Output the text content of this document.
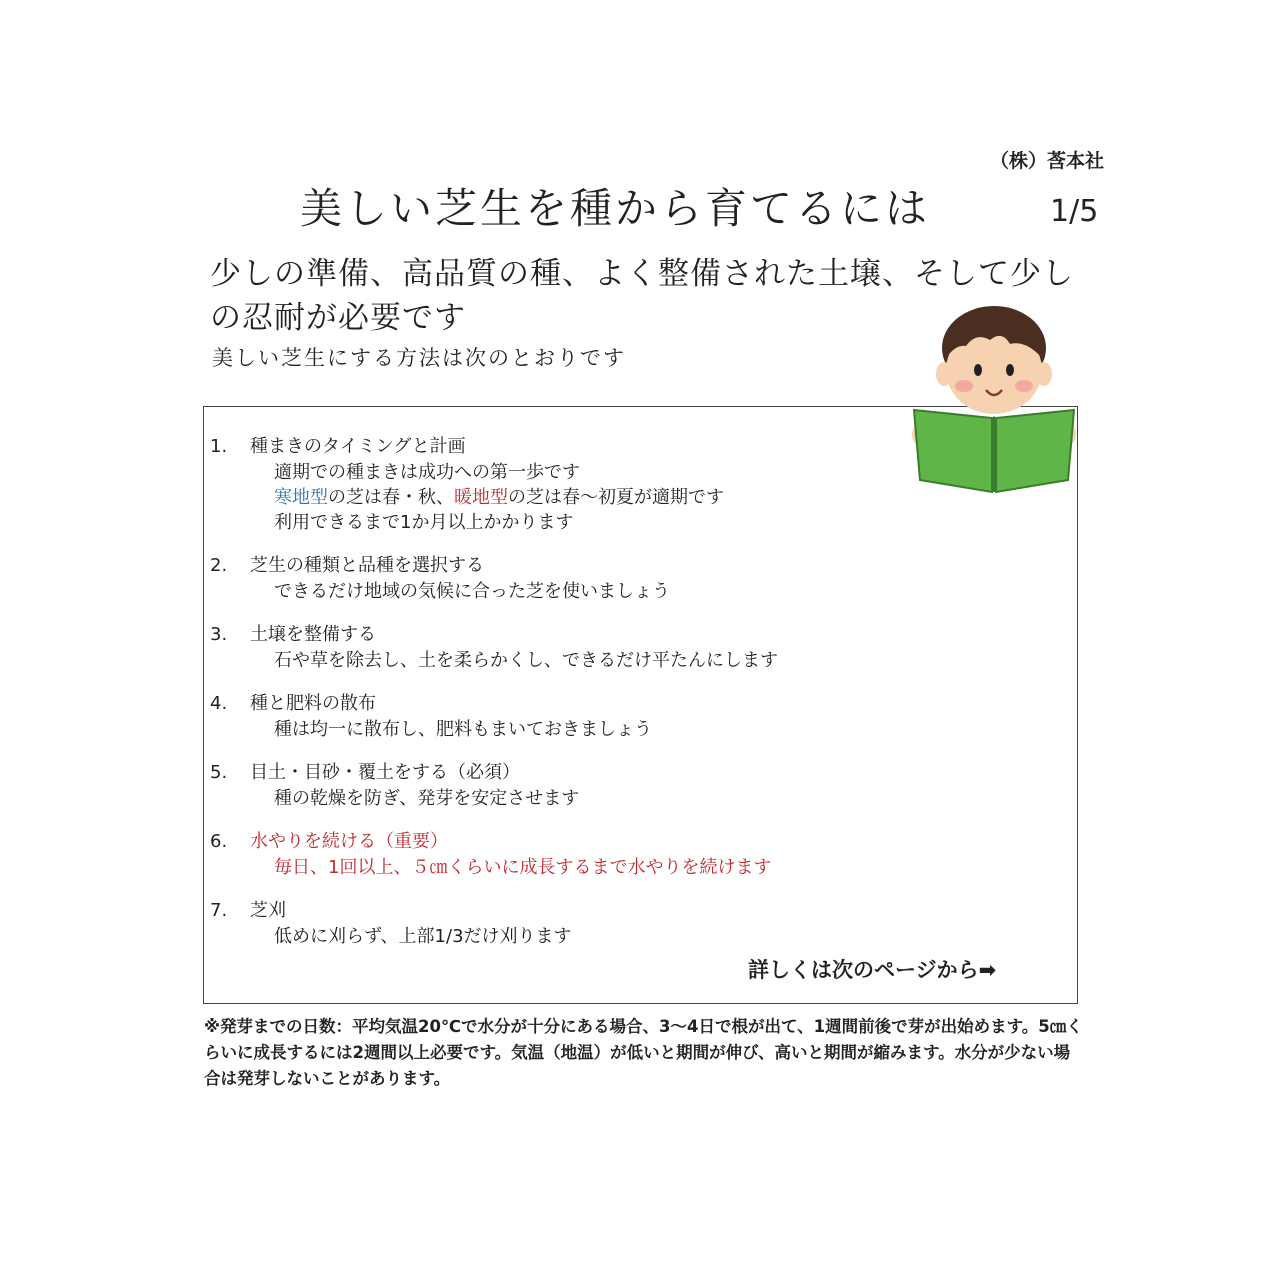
（株）莟本社
美しい芝生を種から育てるには	1/5
少しの準備、高品質の種、よく整備された土壌、そして少しの忍耐が必要です
美しい芝生にする方法は次のとおりです
1.	種まきのタイミングと計画
適期での種まきは成功への第一歩です
寒地型の芝は春・秋、暖地型の芝は春〜初夏が適期です
利用できるまで1か月以上かかります
2.	芝生の種類と品種を選択する
できるだけ地域の気候に合った芝を使いましょう
3.	土壌を整備する
石や草を除去し、土を柔らかくし、できるだけ平たんにします
4.	種と肥料の散布
種は均一に散布し、肥料もまいておきましょう
5.	目土・目砂・覆土をする（必須）
種の乾燥を防ぎ、発芽を安定させます
6.	水やりを続ける（重要）
毎日、1回以上、５㎝くらいに成長するまで水やりを続けます
7.	芝刈
低めに刈らず、上部1/3だけ刈ります
詳しくは次のページから➡
※発芽までの日数：平均気温20℃で水分が十分にある場合、3〜4日で根が出て、1週間前後で芽が出始めます。5㎝くらいに成長するには2週間以上必要です。気温（地温）が低いと期間が伸び、高いと期間が縮みます。水分が少ない場合は発芽しないことがあります。
